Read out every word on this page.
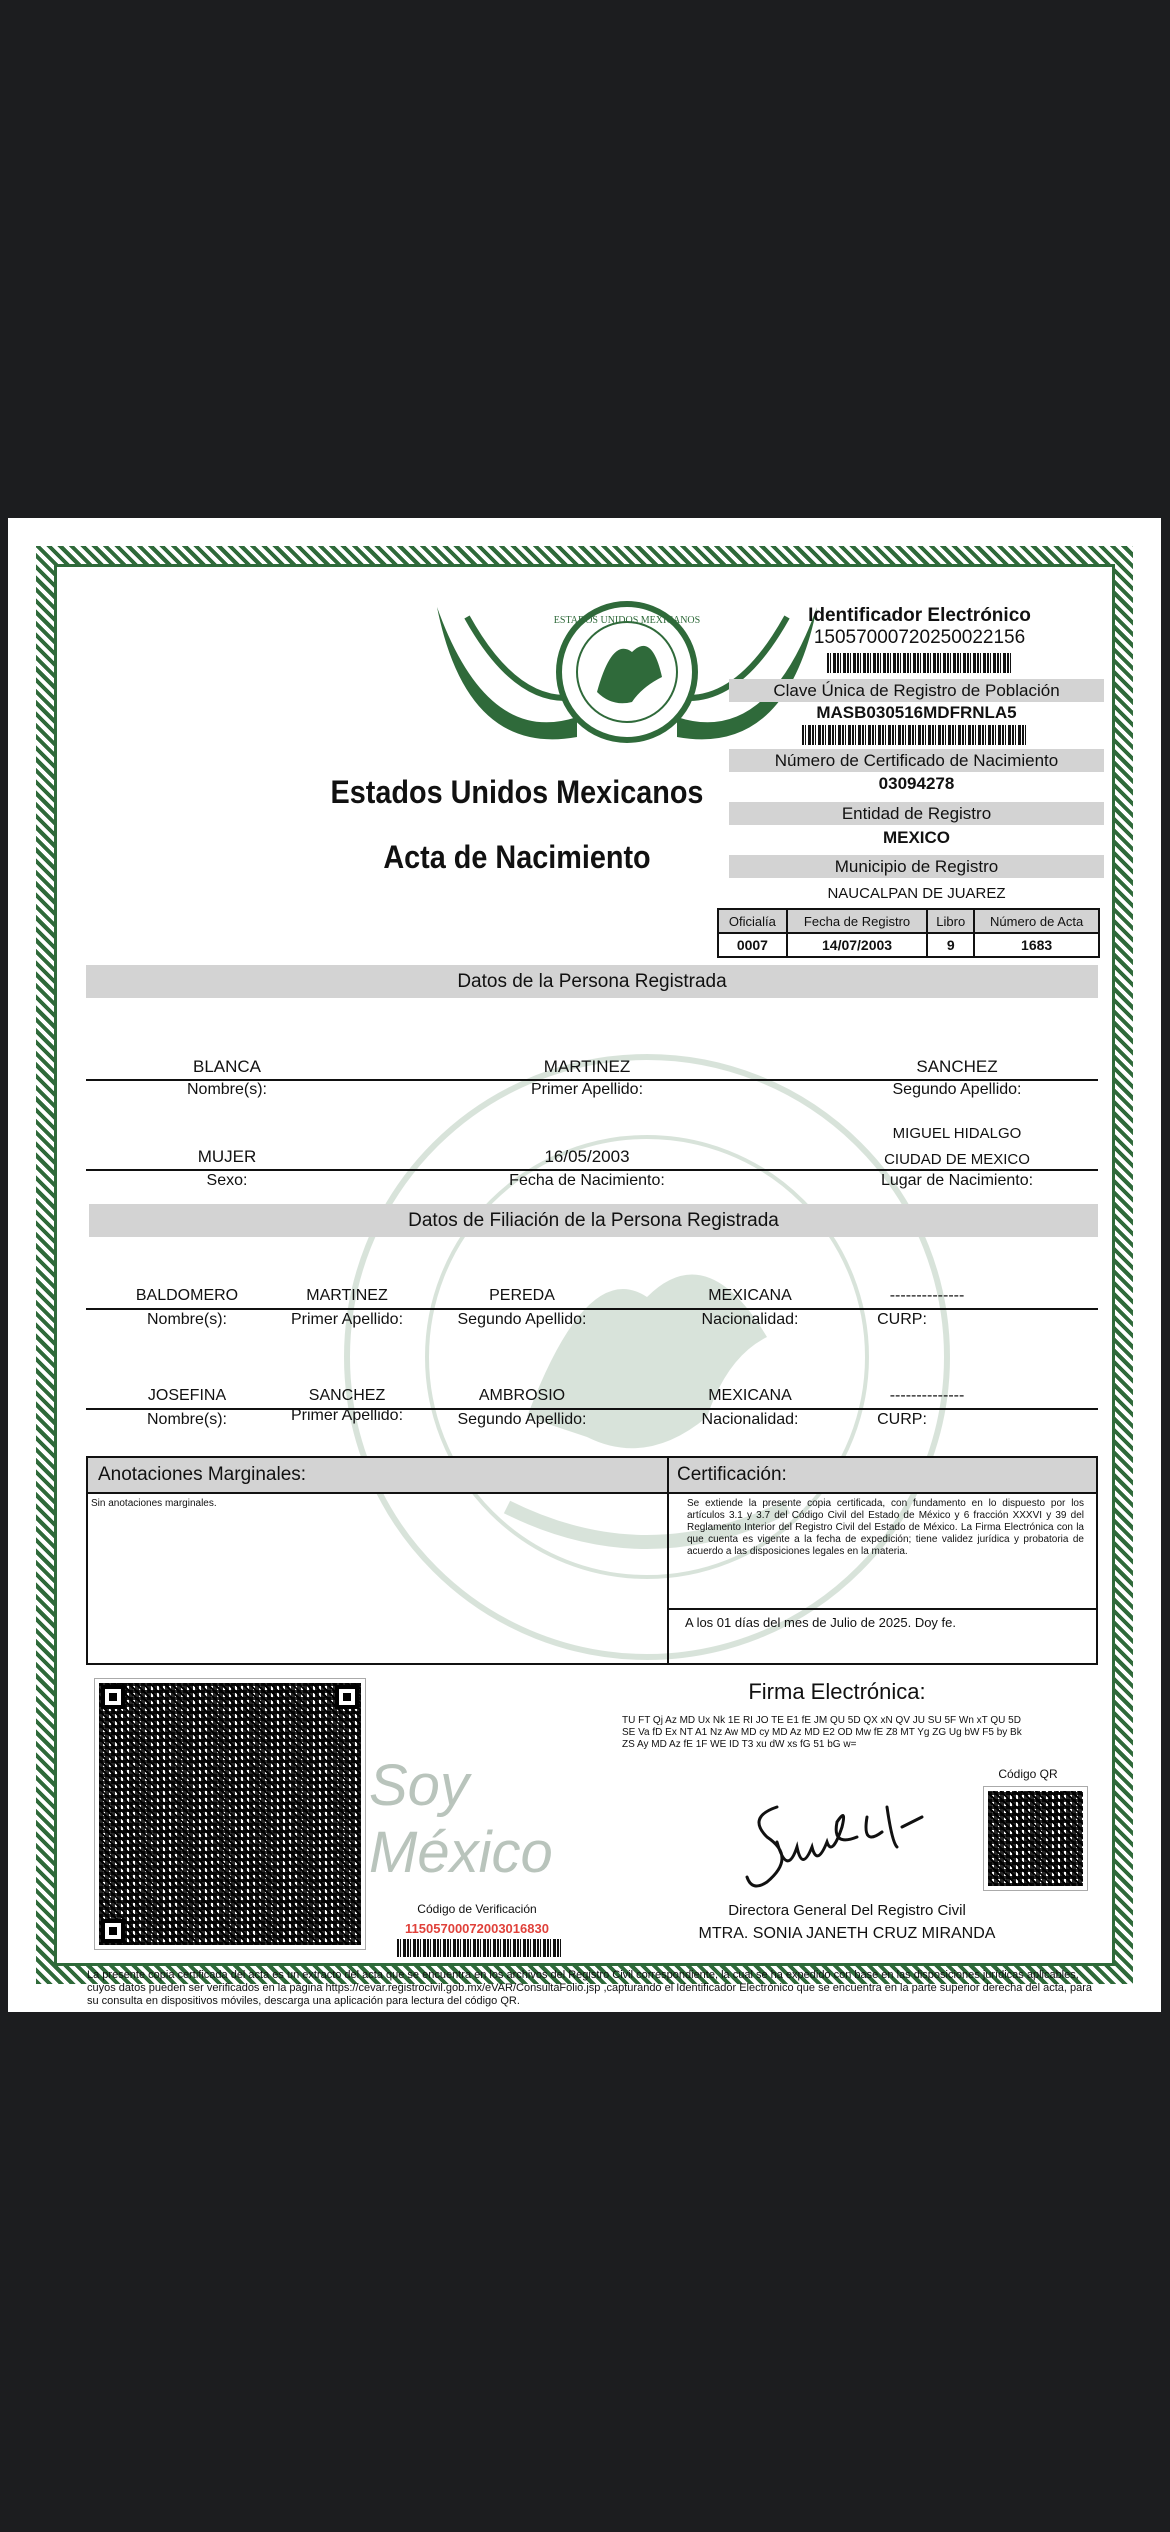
ESTADOS UNIDOS MEXICANOS
Estados Unidos Mexicanos
Acta de Nacimiento
Identificador Electrónico
15057000720250022156
Clave Única de Registro de Población
MASB030516MDFRNLA5
Número de Certificado de Nacimiento
03094278
Entidad de Registro
MEXICO
Municipio de Registro
NAUCALPAN DE JUAREZ
Oficialía	Fecha de Registro	Libro	Número de Acta
0007	14/07/2003	9	1683
Datos de la Persona Registrada
BLANCA	MARTINEZ	SANCHEZ
Nombre(s):	Primer Apellido:	Segundo Apellido:
MIGUEL HIDALGO
MUJER	16/05/2003	CIUDAD DE MEXICO
Sexo:	Fecha de Nacimiento:	Lugar de Nacimiento:
Datos de Filiación de la Persona Registrada
BALDOMERO	MARTINEZ	PEREDA	MEXICANA	--------------
Nombre(s):	Primer Apellido:	Segundo Apellido:	Nacionalidad:	CURP:
JOSEFINA	SANCHEZ	AMBROSIO	MEXICANA	--------------
Nombre(s):	Primer Apellido:	Segundo Apellido:	Nacionalidad:	CURP:
Anotaciones Marginales:
Sin anotaciones marginales.
Certificación:
Se extiende la presente copia certificada, con fundamento en lo dispuesto por los artículos 3.1 y 3.7 del Código Civil del Estado de México y 6 fracción XXXVI y 39 del Reglamento Interior del Registro Civil del Estado de México. La Firma Electrónica con la que cuenta es vigente a la fecha de expedición; tiene validez jurídica y probatoria de acuerdo a las disposiciones legales en la materia.
A los 01 días del mes de Julio de 2025. Doy fe.
Soy México
Código de Verificación
11505700072003016830
Firma Electrónica:
TU FT Qj Az MD Ux Nk 1E RI JO TE E1 fE JM QU 5D QX xN QV JU SU 5F Wn xT QU 5D SE Va fD Ex NT A1 Nz Aw MD cy MD Az MD E2 OD Mw fE Z8 MT Yg ZG Ug bW F5 by Bk ZS Ay MD Az fE 1F WE ID T3 xu dW xs fG 51 bG w=
Código QR
Directora General Del Registro Civil
MTRA. SONIA JANETH CRUZ MIRANDA
La presente copia certificada del acta es un extracto del acta que se encuentra en los archivos del Registro Civil correspondiente, la cual se ha expedido con base en las disposiciones jurídicas aplicables, cuyos datos pueden ser verificados en la página https://cevar.registrocivil.gob.mx/eVAR/ConsultaFolio.jsp ,capturando el Identificador Electrónico que se encuentra en la parte superior derecha del acta, para su consulta en dispositivos móviles, descarga una aplicación para lectura del código QR.
